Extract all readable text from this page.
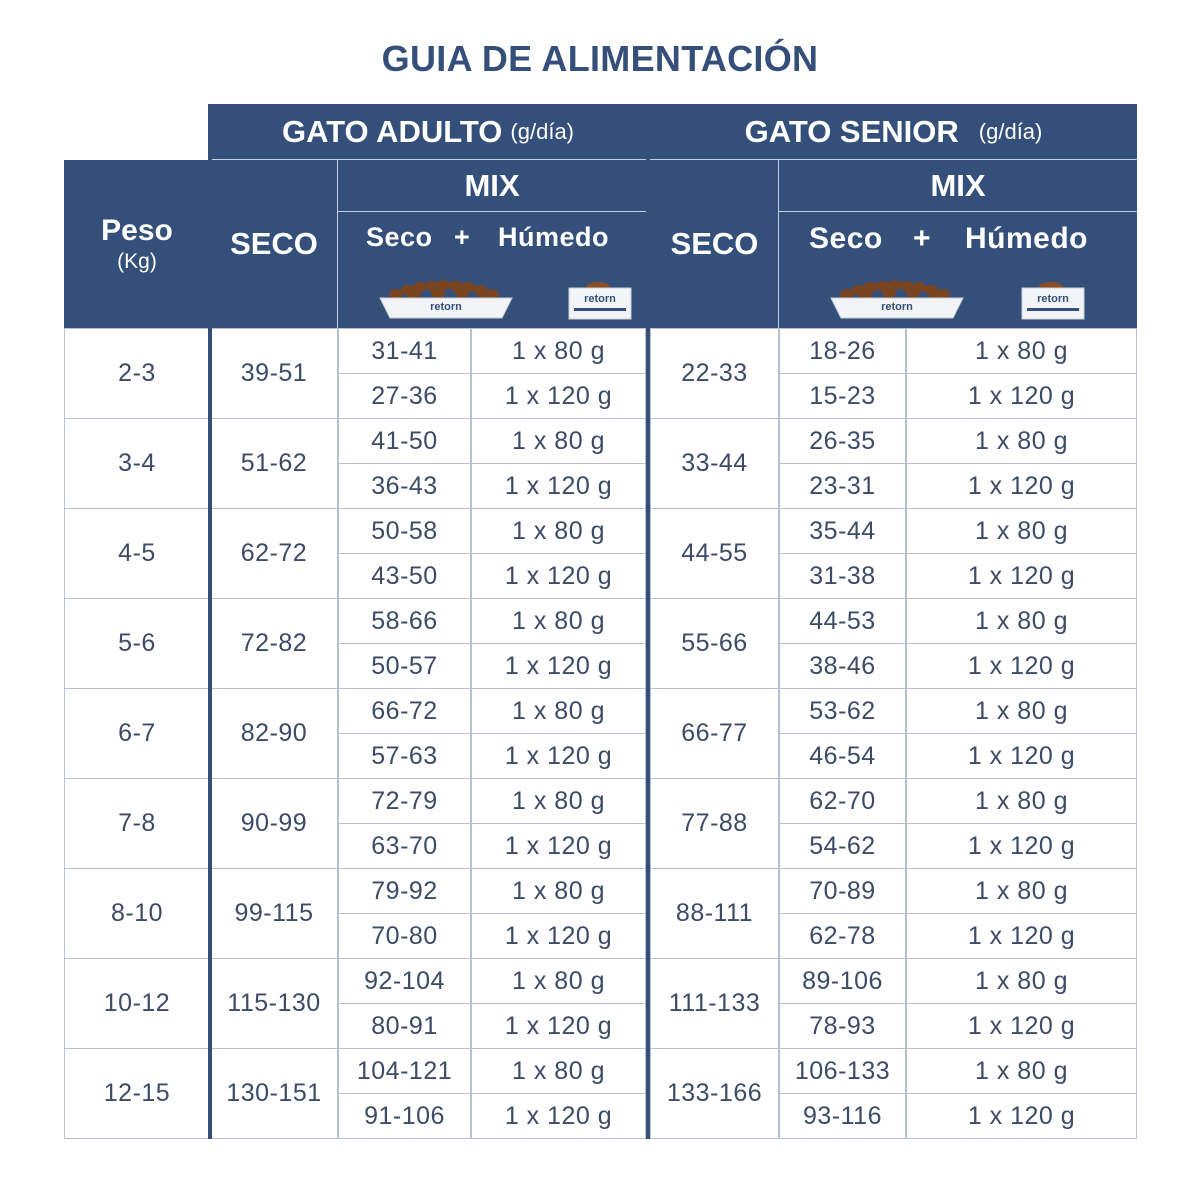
GUIA DE ALIMENTACIÓN
GATO ADULTO (g/día)	GATO SENIOR (g/día)
Peso
(Kg)
SECO	SECO
MIX	MIX
Seco + Húmedo
retorn
retorn
Seco + Húmedo
retorn
retorn
2-3	39-51	22-33
31-41	1 x 80 g	18-26	1 x 80 g
27-36	1 x 120 g	15-23	1 x 120 g
3-4	51-62	33-44
41-50	1 x 80 g	26-35	1 x 80 g
36-43	1 x 120 g	23-31	1 x 120 g
4-5	62-72	44-55
50-58	1 x 80 g	35-44	1 x 80 g
43-50	1 x 120 g	31-38	1 x 120 g
5-6	72-82	55-66
58-66	1 x 80 g	44-53	1 x 80 g
50-57	1 x 120 g	38-46	1 x 120 g
6-7	82-90	66-77
66-72	1 x 80 g	53-62	1 x 80 g
57-63	1 x 120 g	46-54	1 x 120 g
7-8	90-99	77-88
72-79	1 x 80 g	62-70	1 x 80 g
63-70	1 x 120 g	54-62	1 x 120 g
8-10	99-115	88-111
79-92	1 x 80 g	70-89	1 x 80 g
70-80	1 x 120 g	62-78	1 x 120 g
10-12	115-130	111-133
92-104	1 x 80 g	89-106	1 x 80 g
80-91	1 x 120 g	78-93	1 x 120 g
12-15	130-151	133-166
104-121	1 x 80 g	106-133	1 x 80 g
91-106	1 x 120 g	93-116	1 x 120 g
